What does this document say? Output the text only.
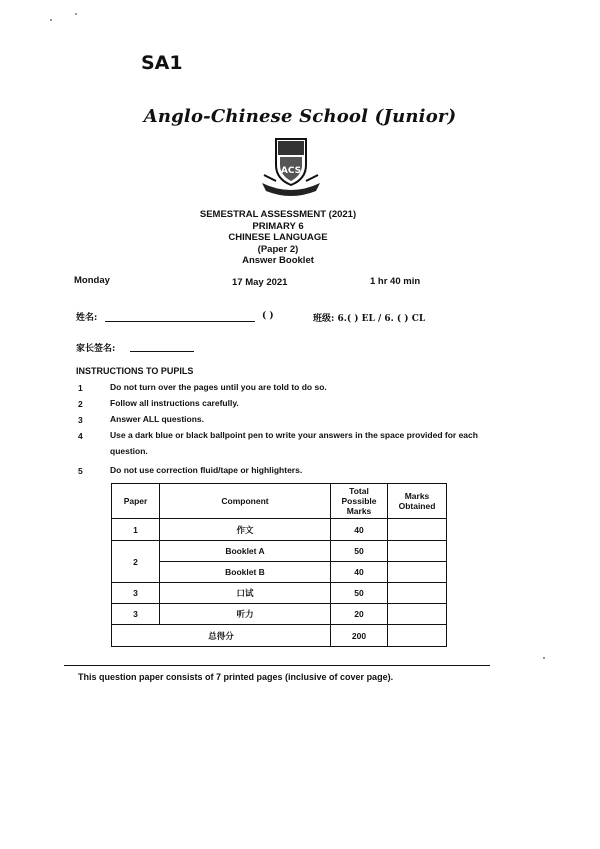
SA1
Anglo-Chinese School (Junior)
ACS
SEMESTRAL ASSESSMENT (2021)
PRIMARY 6
CHINESE LANGUAGE
(Paper 2)
Answer Booklet
Monday	17 May 2021	1 hr 40 min
姓名:	( )	班级: 6.( ) EL / 6. ( ) CL
家长签名:
INSTRUCTIONS TO PUPILS
1	Do not turn over the pages until you are told to do so.
2	Follow all instructions carefully.
3	Answer ALL questions.
4	Use a dark blue or black ballpoint pen to write your answers in the space provided for each question.
5	Do not use correction fluid/tape or highlighters.
Paper	Component	Total Possible Marks	Marks Obtained
1	作文	40	
2	Booklet A	50	
	Booklet B	40	
3	口试	50	
3	听力	20	
总得分		200	
This question paper consists of 7 printed pages (inclusive of cover page).
